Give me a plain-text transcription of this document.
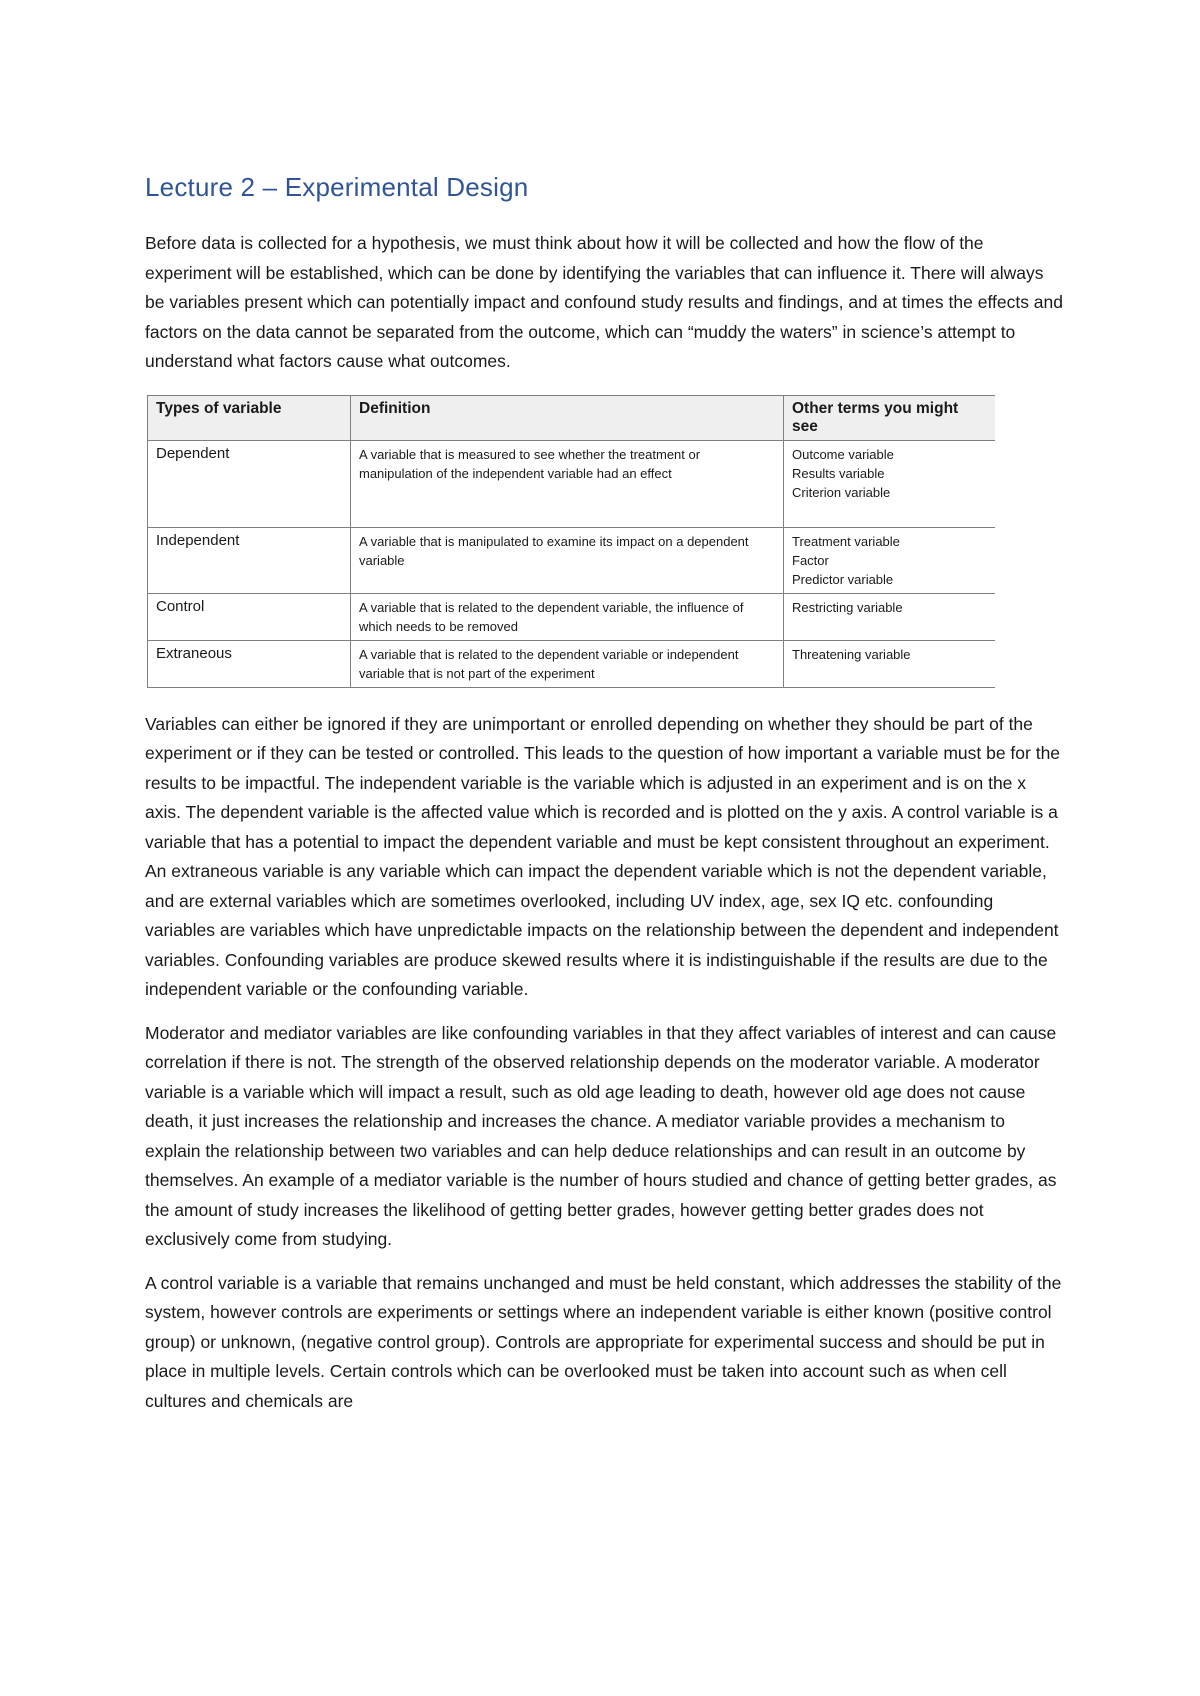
Lecture 2 – Experimental Design

Before data is collected for a hypothesis, we must think about how it will be collected and how the flow of the experiment will be established, which can be done by identifying the variables that can influence it. There will always be variables present which can potentially impact and confound study results and findings, and at times the effects and factors on the data cannot be separated from the outcome, which can “muddy the waters” in science’s attempt to understand what factors cause what outcomes.

Types of variable	Definition	Other terms you might see
Dependent	A variable that is measured to see whether the treatment or manipulation of the independent variable had an effect	Outcome variable
Results variable
Criterion variable

Independent	A variable that is manipulated to examine its impact on a dependent variable	Treatment variable
Factor
Predictor variable

Control	A variable that is related to the dependent variable, the influence of which needs to be removed	Restricting variable

Extraneous	A variable that is related to the dependent variable or independent variable that is not part of the experiment	Threatening variable

Variables can either be ignored if they are unimportant or enrolled depending on whether they should be part of the experiment or if they can be tested or controlled. This leads to the question of how important a variable must be for the results to be impactful. The independent variable is the variable which is adjusted in an experiment and is on the x axis. The dependent variable is the affected value which is recorded and is plotted on the y axis. A control variable is a variable that has a potential to impact the dependent variable and must be kept consistent throughout an experiment. An extraneous variable is any variable which can impact the dependent variable which is not the dependent variable, and are external variables which are sometimes overlooked, including UV index, age, sex IQ etc. confounding variables are variables which have unpredictable impacts on the relationship between the dependent and independent variables. Confounding variables are produce skewed results where it is indistinguishable if the results are due to the independent variable or the confounding variable.

Moderator and mediator variables are like confounding variables in that they affect variables of interest and can cause correlation if there is not. The strength of the observed relationship depends on the moderator variable. A moderator variable is a variable which will impact a result, such as old age leading to death, however old age does not cause death, it just increases the relationship and increases the chance. A mediator variable provides a mechanism to explain the relationship between two variables and can help deduce relationships and can result in an outcome by themselves. An example of a mediator variable is the number of hours studied and chance of getting better grades, as the amount of study increases the likelihood of getting better grades, however getting better grades does not exclusively come from studying.

A control variable is a variable that remains unchanged and must be held constant, which addresses the stability of the system, however controls are experiments or settings where an independent variable is either known (positive control group) or unknown, (negative control group). Controls are appropriate for experimental success and should be put in place in multiple levels. Certain controls which can be overlooked must be taken into account such as when cell cultures and chemicals are
